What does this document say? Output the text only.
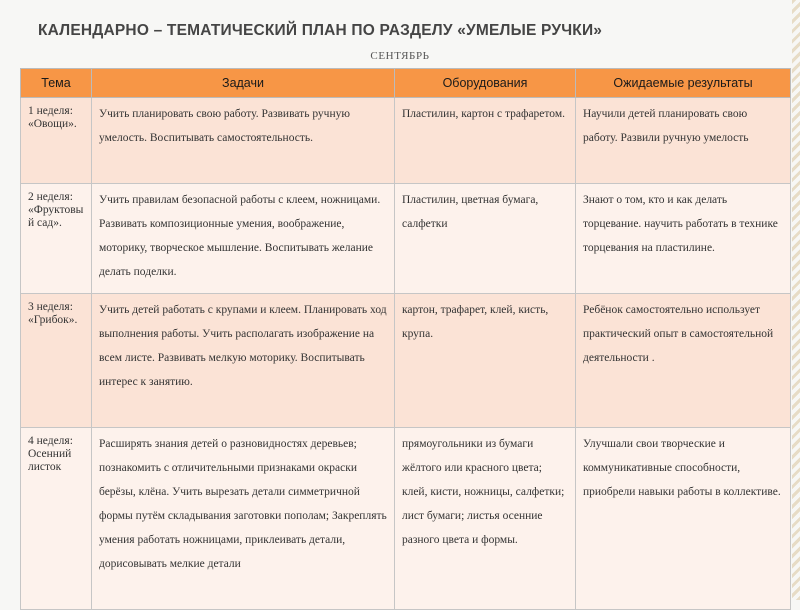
КАЛЕНДАРНО – ТЕМАТИЧЕСКИЙ ПЛАН ПО РАЗДЕЛУ «УМЕЛЫЕ РУЧКИ»
СЕНТЯБРЬ
Тема	Задачи	Оборудования	Ожидаемые результаты
1 неделя: «Овощи».	Учить планировать свою работу. Развивать ручную умелость. Воспитывать самостоятельность.	Пластилин, картон с трафаретом.	Научили детей планировать свою работу. Развили ручную умелость
2 неделя: «Фруктовый сад».	Учить правилам безопасной работы с клеем, ножницами. Развивать композиционные умения, воображение, моторику, творческое мышление. Воспитывать желание делать поделки.	Пластилин, цветная бумага, салфетки	Знают о том, кто и как делать торцевание. научить работать в технике торцевания на пластилине.
3 неделя: «Грибок».	Учить детей работать с крупами и клеем. Планировать ход выполнения работы. Учить располагать изображение на всем листе. Развивать мелкую моторику. Воспитывать интерес к занятию.	картон, трафарет, клей, кисть, крупа.	Ребёнок самостоятельно использует практический опыт в самостоятельной деятельности .
4 неделя: Осенний листок	Расширять знания детей о разновидностях деревьев; познакомить с отличительными признаками окраски берёзы, клёна. Учить вырезать детали симметричной формы путём складывания заготовки пополам; Закреплять умения работать ножницами, приклеивать детали, дорисовывать мелкие детали	прямоугольники из бумаги жёлтого или красного цвета; клей, кисти, ножницы, салфетки; лист бумаги; листья осенние разного цвета и формы.	Улучшали свои творческие и коммуникативные способности, приобрели навыки работы в коллективе.
